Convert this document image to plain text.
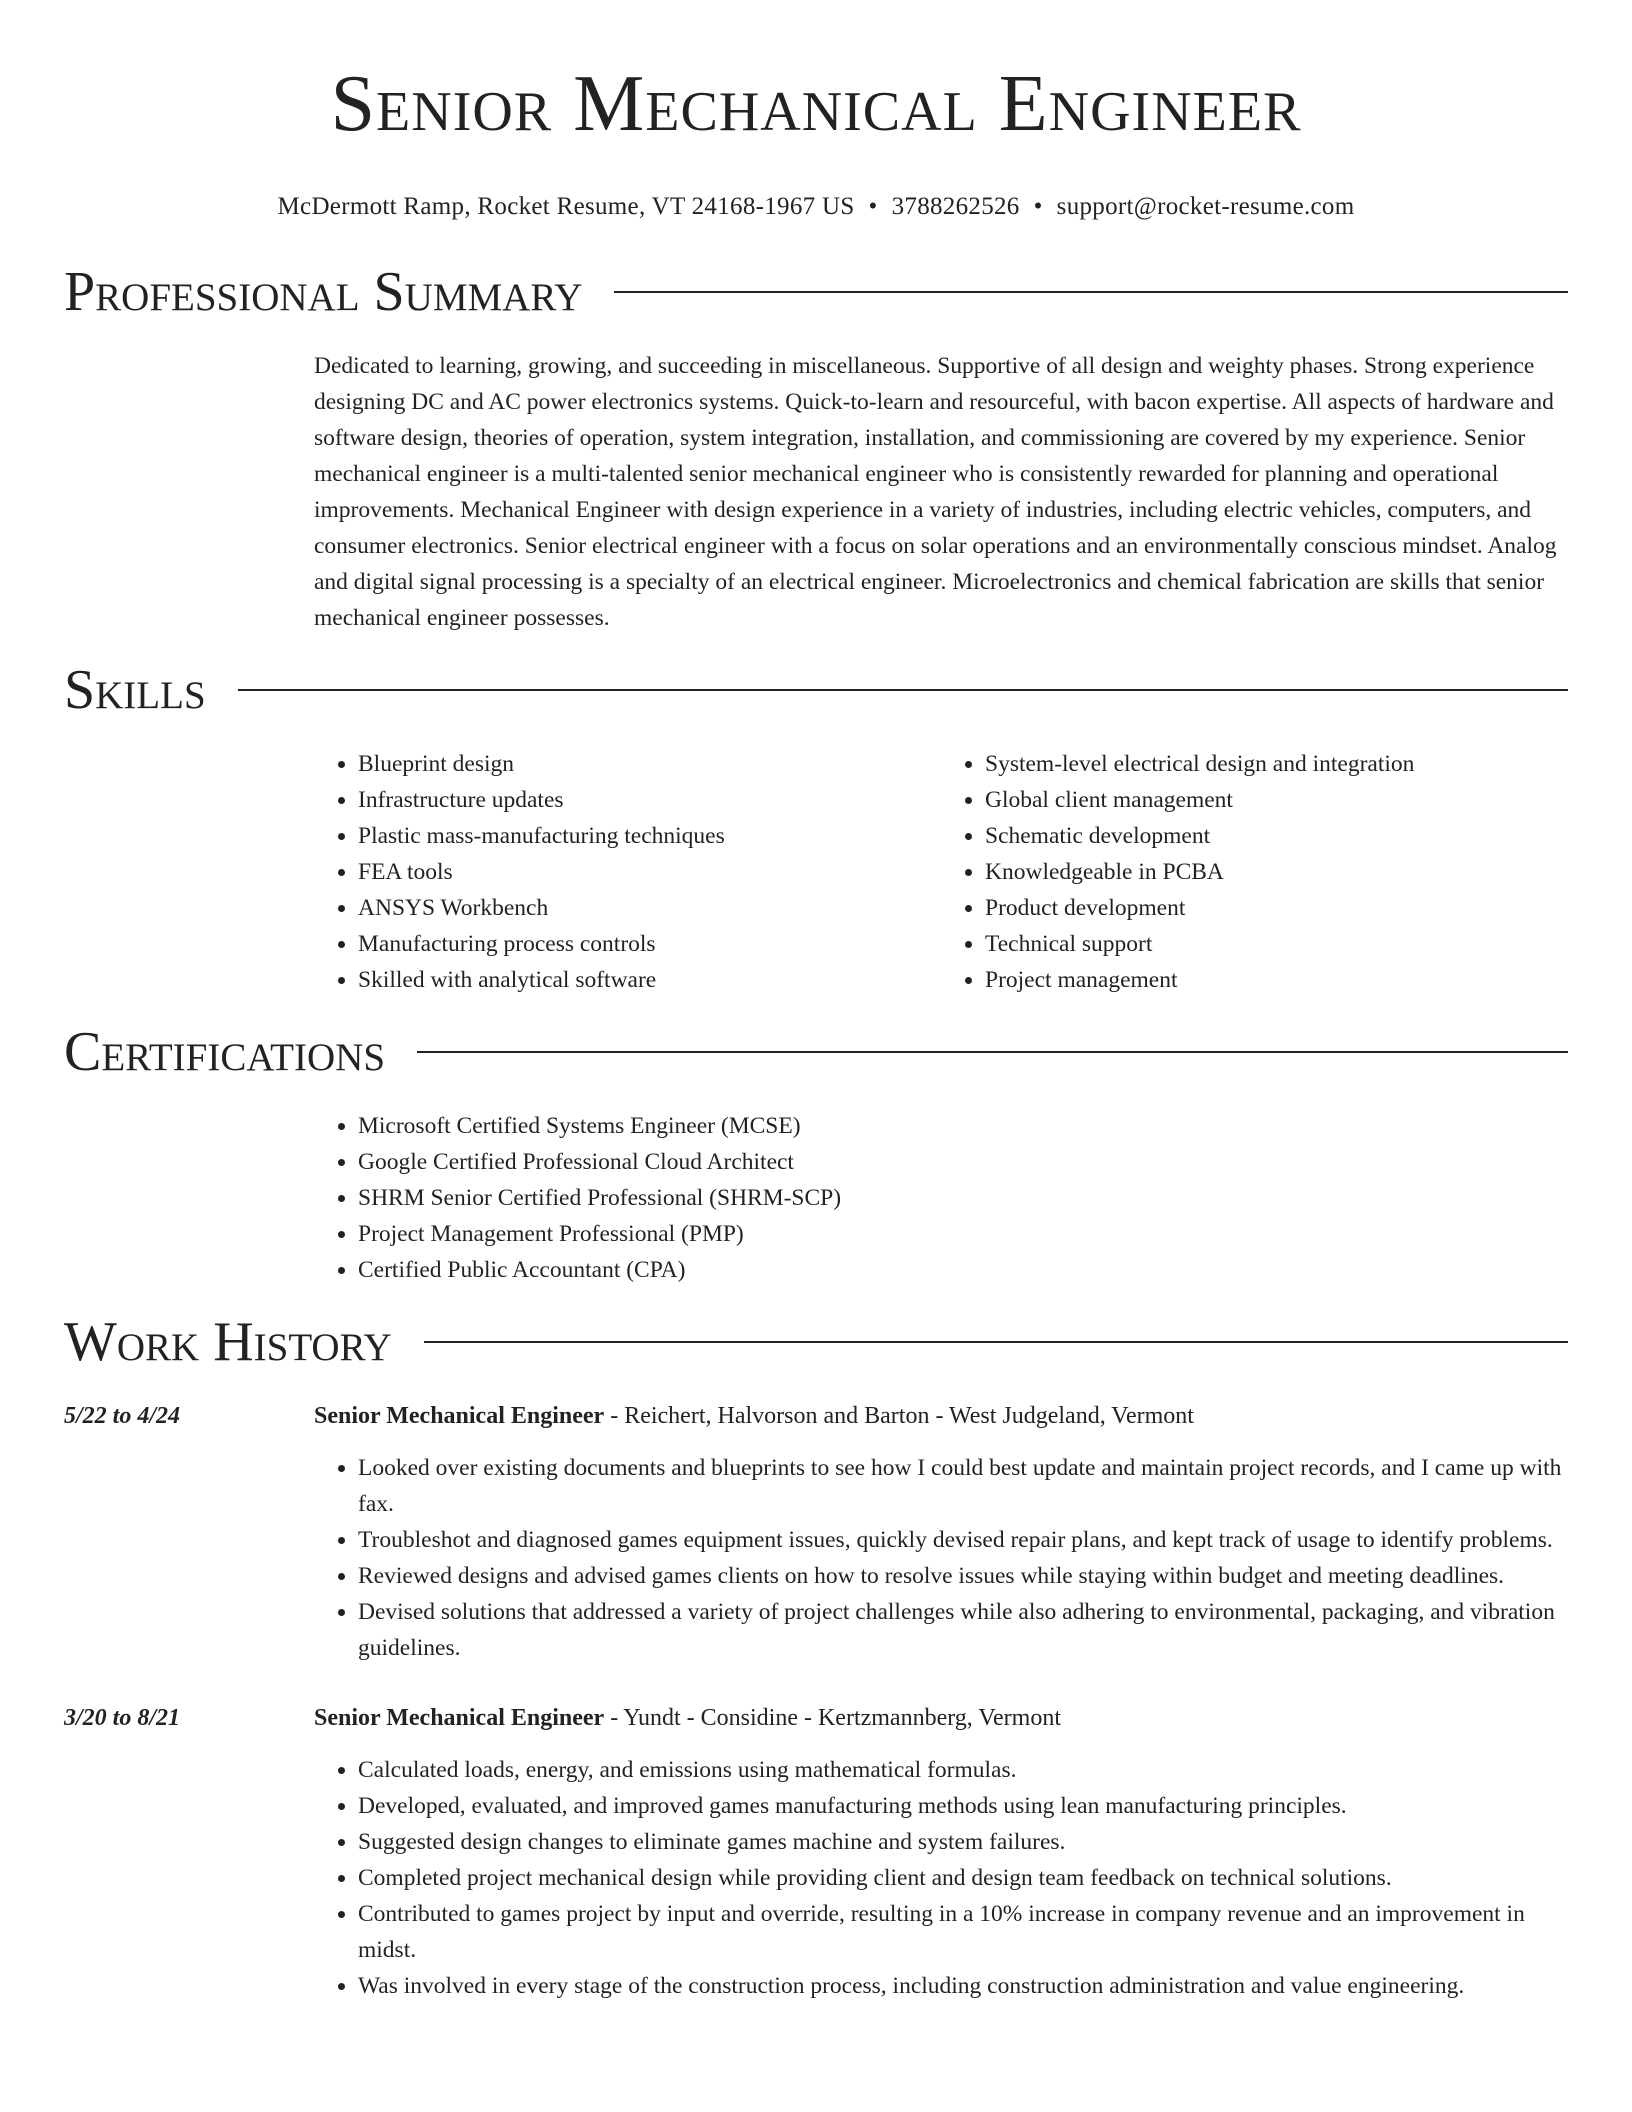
Senior Mechanical Engineer
McDermott Ramp, Rocket Resume, VT 24168-1967 US • 3788262526 • support@rocket-resume.com
Professional Summary
Dedicated to learning, growing, and succeeding in miscellaneous. Supportive of all design and weighty phases. Strong experience designing DC and AC power electronics systems. Quick-to-learn and resourceful, with bacon expertise. All aspects of hardware and software design, theories of operation, system integration, installation, and commissioning are covered by my experience. Senior mechanical engineer is a multi-talented senior mechanical engineer who is consistently rewarded for planning and operational improvements. Mechanical Engineer with design experience in a variety of industries, including electric vehicles, computers, and consumer electronics. Senior electrical engineer with a focus on solar operations and an environmentally conscious mindset. Analog and digital signal processing is a specialty of an electrical engineer. Microelectronics and chemical fabrication are skills that senior mechanical engineer possesses.
Skills
• Blueprint design
• Infrastructure updates
• Plastic mass-manufacturing techniques
• FEA tools
• ANSYS Workbench
• Manufacturing process controls
• Skilled with analytical software
• System-level electrical design and integration
• Global client management
• Schematic development
• Knowledgeable in PCBA
• Product development
• Technical support
• Project management
Certifications
• Microsoft Certified Systems Engineer (MCSE)
• Google Certified Professional Cloud Architect
• SHRM Senior Certified Professional (SHRM-SCP)
• Project Management Professional (PMP)
• Certified Public Accountant (CPA)
Work History
5/22 to 4/24	Senior Mechanical Engineer - Reichert, Halvorson and Barton - West Judgeland, Vermont
• Looked over existing documents and blueprints to see how I could best update and maintain project records, and I came up with fax.
• Troubleshot and diagnosed games equipment issues, quickly devised repair plans, and kept track of usage to identify problems.
• Reviewed designs and advised games clients on how to resolve issues while staying within budget and meeting deadlines.
• Devised solutions that addressed a variety of project challenges while also adhering to environmental, packaging, and vibration guidelines.
3/20 to 8/21	Senior Mechanical Engineer - Yundt - Considine - Kertzmannberg, Vermont
• Calculated loads, energy, and emissions using mathematical formulas.
• Developed, evaluated, and improved games manufacturing methods using lean manufacturing principles.
• Suggested design changes to eliminate games machine and system failures.
• Completed project mechanical design while providing client and design team feedback on technical solutions.
• Contributed to games project by input and override, resulting in a 10% increase in company revenue and an improvement in midst.
• Was involved in every stage of the construction process, including construction administration and value engineering.
